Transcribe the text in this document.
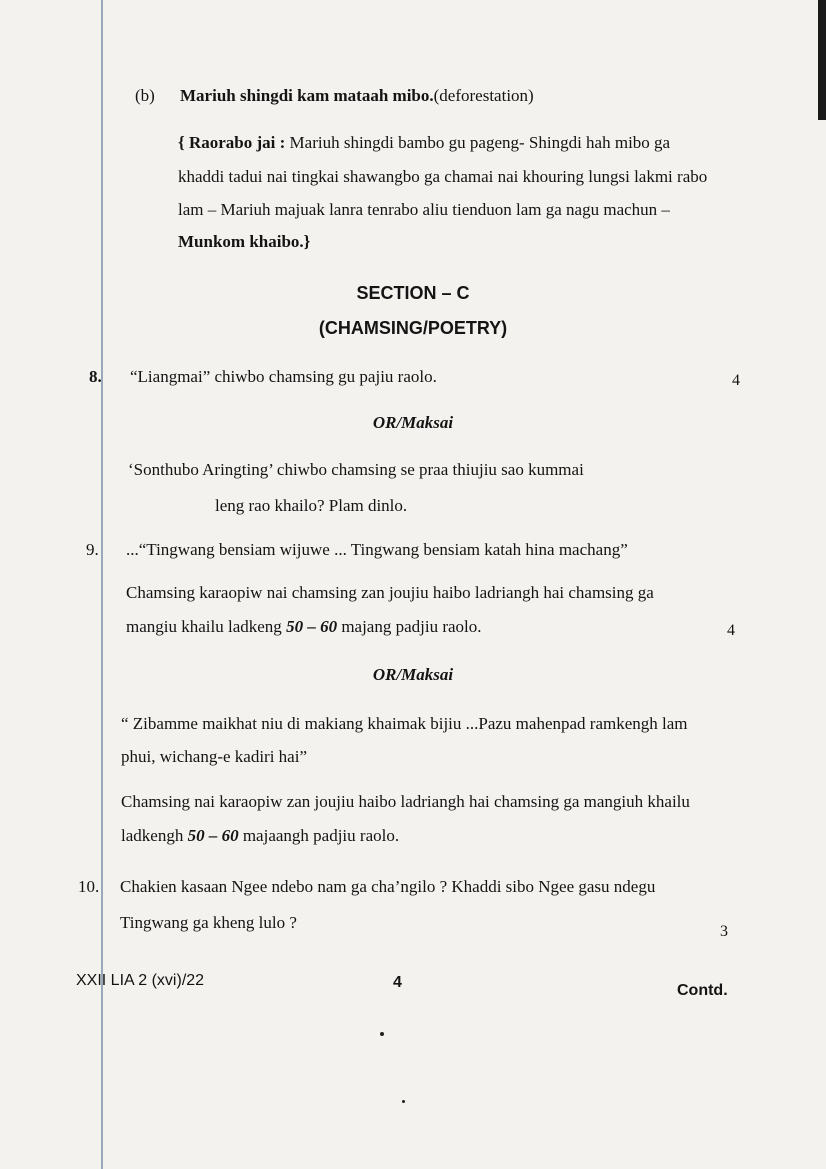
(b) Mariuh shingdi kam mataah mibo.(deforestation)
{ Raorabo jai : Mariuh shingdi bambo gu pageng- Shingdi hah mibo ga
khaddi tadui nai tingkai shawangbo ga chamai nai khouring lungsi lakmi rabo
lam – Mariuh majuak lanra tenrabo aliu tienduon lam ga nagu machun –
Munkom khaibo.}
SECTION – C
(CHAMSING/POETRY)
8. “Liangmai” chiwbo chamsing gu pajiu raolo.	4
OR/Maksai
‘Sonthubo Aringting’ chiwbo chamsing se praa thiujiu sao kummai
leng rao khailo? Plam dinlo.
9. ...“Tingwang bensiam wijuwe ... Tingwang bensiam katah hina machang”
Chamsing karaopiw nai chamsing zan joujiu haibo ladriangh hai chamsing ga
mangiu khailu ladkeng 50 – 60 majang padjiu raolo.	4
OR/Maksai
“ Zibamme maikhat niu di makiang khaimak bijiu ...Pazu mahenpad ramkengh lam
phui, wichang-e kadiri hai”
Chamsing nai karaopiw zan joujiu haibo ladriangh hai chamsing ga mangiuh khailu
ladkengh 50 – 60 majaangh padjiu raolo.
10. Chakien kasaan Ngee ndebo nam ga cha’ngilo ? Khaddi sibo Ngee gasu ndegu
Tingwang ga kheng lulo ?	3
XXII LIA 2 (xvi)/22	4	Contd.
